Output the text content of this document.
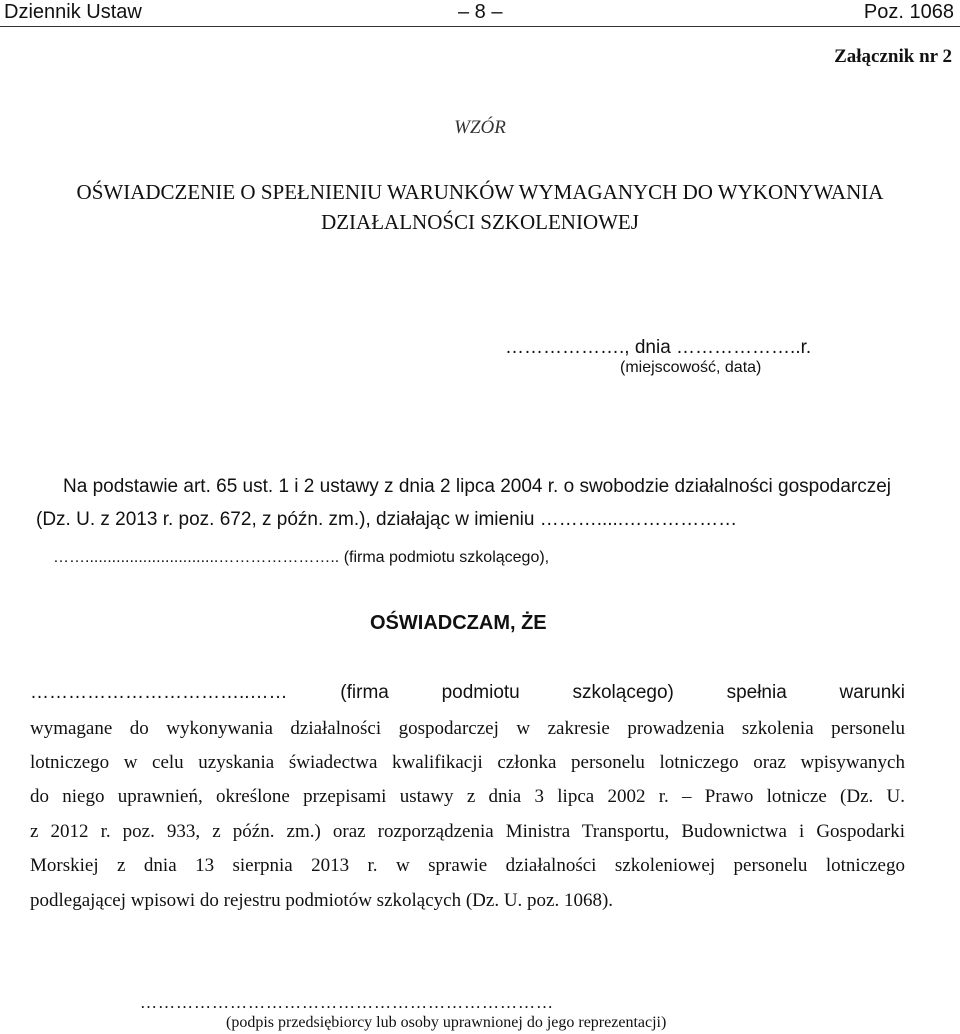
Dziennik Ustaw	– 8 –	Poz. 1068
Załącznik nr 2
WZÓR
OŚWIADCZENIE O SPEŁNIENIU WARUNKÓW WYMAGANYCH DO WYKONYWANIA
DZIAŁALNOŚCI SZKOLENIOWEJ
………………., dnia ………………..r.
(miejscowość, data)
Na podstawie art. 65 ust. 1 i 2 ustawy z dnia 2 lipca 2004 r. o swobodzie działalności gospodarczej
(Dz. U. z 2013 r. poz. 672, z późn. zm.), działając w imieniu ……….....………………
……..............................………………….. (firma podmiotu szkolącego),
OŚWIADCZAM, ŻE
……………………………..…… (firma podmiotu szkolącego) spełnia warunki
wymagane do wykonywania działalności gospodarczej w zakresie prowadzenia szkolenia personelu
lotniczego w celu uzyskania świadectwa kwalifikacji członka personelu lotniczego oraz wpisywanych
do niego uprawnień, określone przepisami ustawy z dnia 3 lipca 2002 r. – Prawo lotnicze (Dz. U.
z 2012 r. poz. 933, z późn. zm.) oraz rozporządzenia Ministra Transportu, Budownictwa i Gospodarki
Morskiej z dnia 13 sierpnia 2013 r. w sprawie działalności szkoleniowej personelu lotniczego
podlegającej wpisowi do rejestru podmiotów szkolących (Dz. U. poz. 1068).
……………………………………………………………
(podpis przedsiębiorcy lub osoby uprawnionej do jego reprezentacji)
